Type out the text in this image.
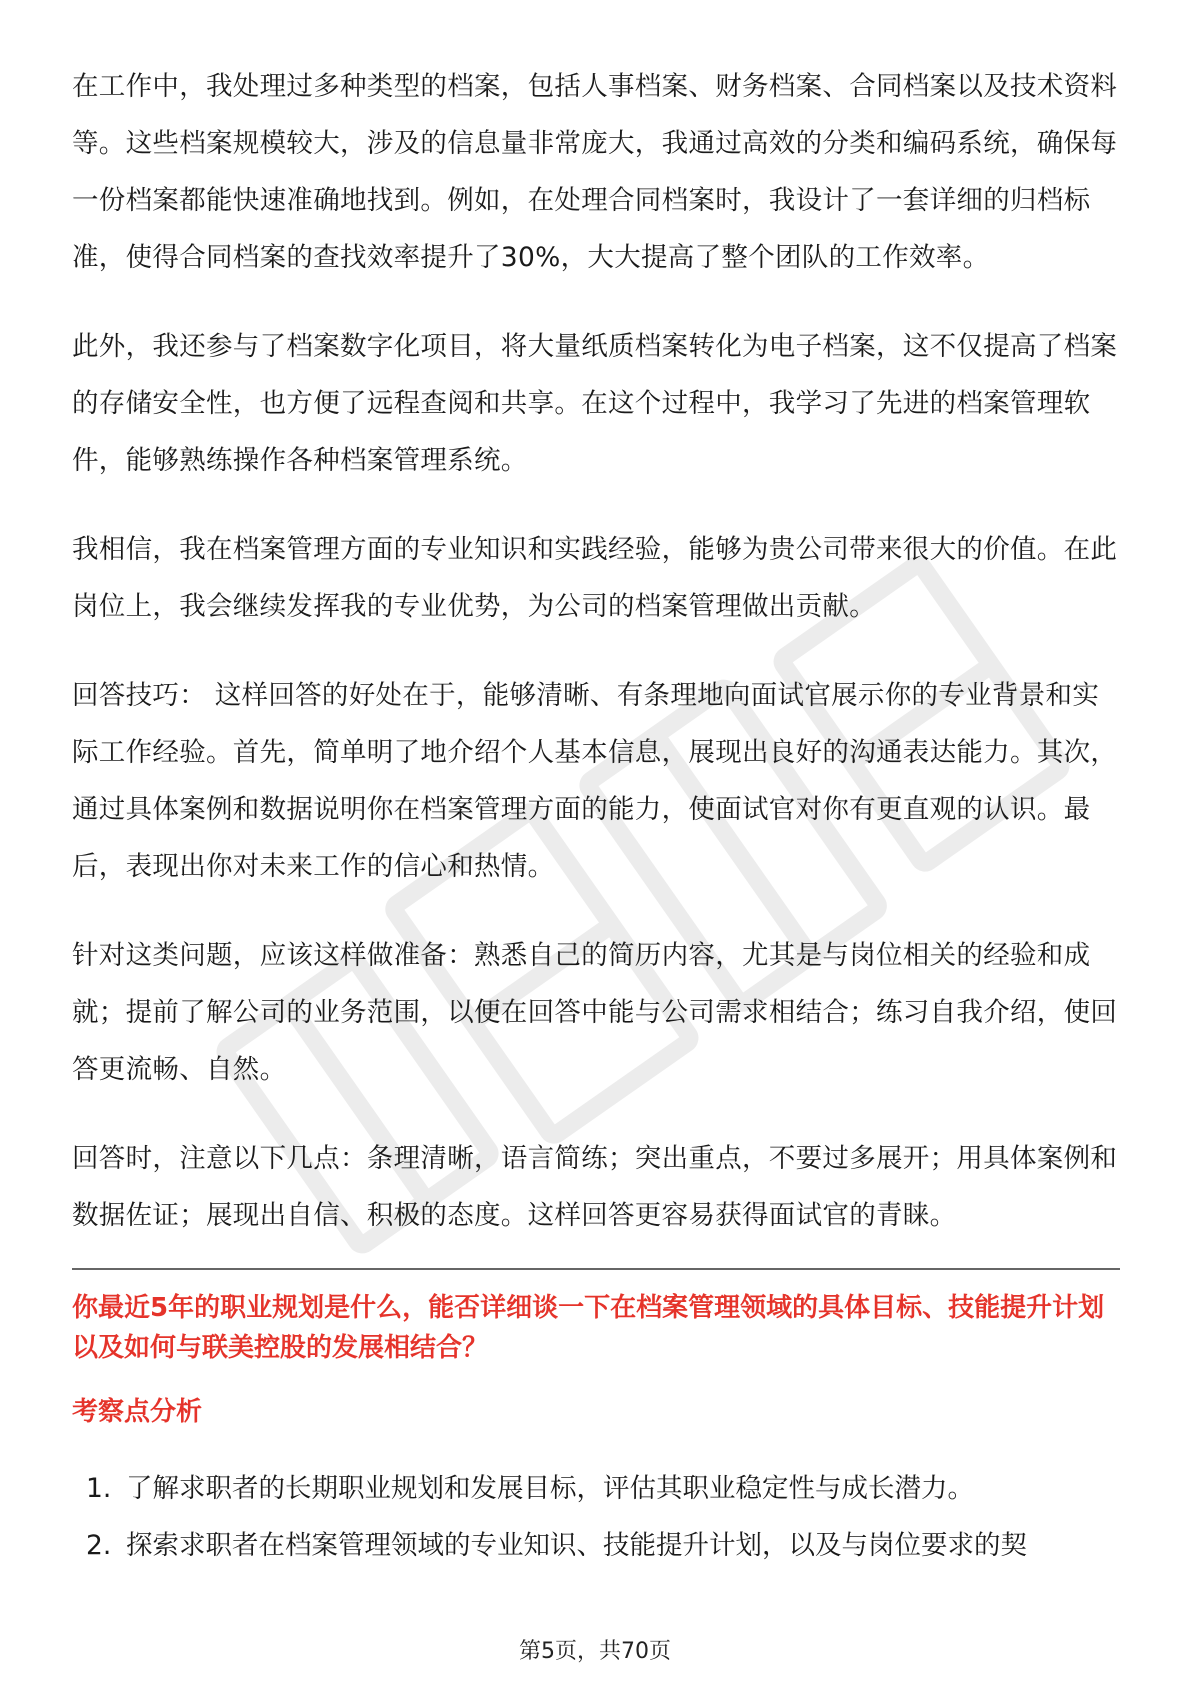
在工作中，我处理过多种类型的档案，包括人事档案、财务档案、合同档案以及技术资料等。这些档案规模较大，涉及的信息量非常庞大，我通过高效的分类和编码系统，确保每一份档案都能快速准确地找到。例如，在处理合同档案时，我设计了一套详细的归档标准，使得合同档案的查找效率提升了30%，大大提高了整个团队的工作效率。

此外，我还参与了档案数字化项目，将大量纸质档案转化为电子档案，这不仅提高了档案的存储安全性，也方便了远程查阅和共享。在这个过程中，我学习了先进的档案管理软件，能够熟练操作各种档案管理系统。

我相信，我在档案管理方面的专业知识和实践经验，能够为贵公司带来很大的价值。在此岗位上，我会继续发挥我的专业优势，为公司的档案管理做出贡献。

回答技巧： 这样回答的好处在于，能够清晰、有条理地向面试官展示你的专业背景和实际工作经验。首先，简单明了地介绍个人基本信息，展现出良好的沟通表达能力。其次，通过具体案例和数据说明你在档案管理方面的能力，使面试官对你有更直观的认识。最后，表现出你对未来工作的信心和热情。

针对这类问题，应该这样做准备：熟悉自己的简历内容，尤其是与岗位相关的经验和成就；提前了解公司的业务范围，以便在回答中能与公司需求相结合；练习自我介绍，使回答更流畅、自然。

回答时，注意以下几点：条理清晰，语言简练；突出重点，不要过多展开；用具体案例和数据佐证；展现出自信、积极的态度。这样回答更容易获得面试官的青睐。

你最近5年的职业规划是什么，能否详细谈一下在档案管理领域的具体目标、技能提升计划以及如何与联美控股的发展相结合？
考察点分析
1. 了解求职者的长期职业规划和发展目标，评估其职业稳定性与成长潜力。
2. 探索求职者在档案管理领域的专业知识、技能提升计划，以及与岗位要求的契
第5页，共70页
